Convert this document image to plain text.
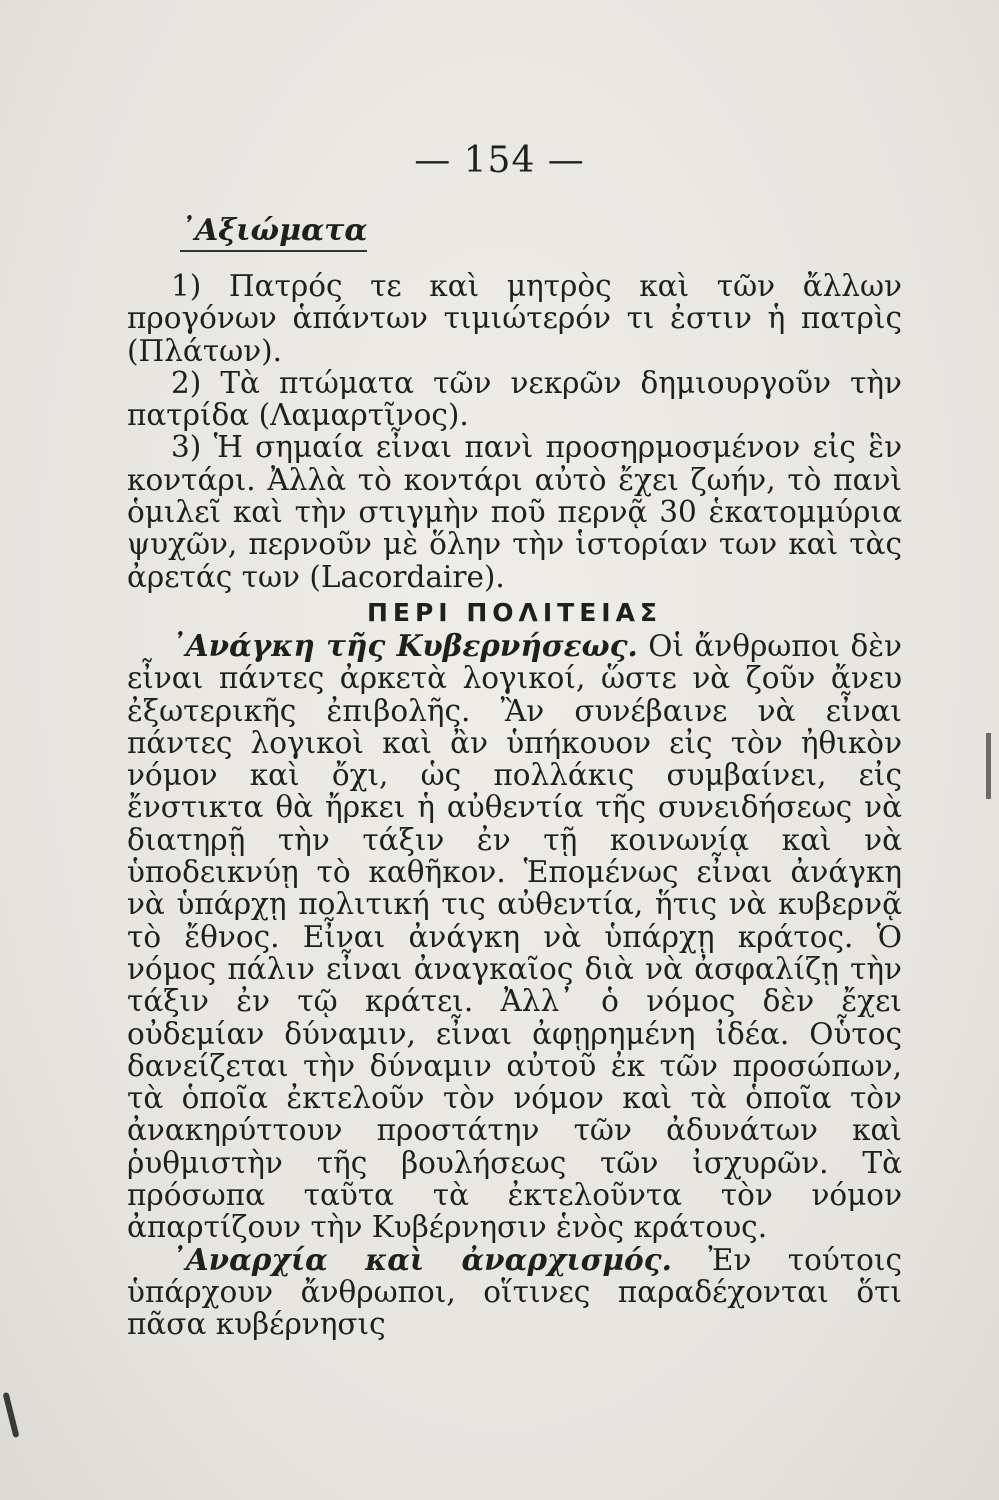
— 154 —
᾽Αξιώματα

1) Πατρός τε καὶ μητρὸς καὶ τῶν ἄλλων προγόνων ἁπάντων τιμιώτερόν τι ἐστιν ἡ πατρὶς (Πλάτων).

2) Τὰ πτώματα τῶν νεκρῶν δημιουργοῦν τὴν πατρίδα (Λαμαρτῖνος).

3) Ἡ σημαία εἶναι πανὶ προσηρμοσμένον εἰς ἓν κοντάρι. Ἀλλὰ τὸ κοντάρι αὐτὸ ἔχει ζωήν, τὸ πανὶ ὁμιλεῖ καὶ τὴν στιγμὴν ποῦ περνᾷ 30 ἑκατομμύρια ψυχῶν, περνοῦν μὲ ὅλην τὴν ἱστορίαν των καὶ τὰς ἀρετάς των (Lacordaire).

ΠΕΡΙ ΠΟΛΙΤΕΙΑΣ

᾽Ανάγκη τῆς Κυβερνήσεως. Οἱ ἄνθρωποι δὲν εἶναι πάντες ἀρκετὰ λογικοί, ὥστε νὰ ζοῦν ἄνευ ἐξωτερικῆς ἐπιβολῆς. Ἂν συνέβαινε νὰ εἶναι πάντες λογικοὶ καὶ ἂν ὑπήκουον εἰς τὸν ἠθικὸν νόμον καὶ ὄχι, ὡς πολλάκις συμβαίνει, εἰς ἔνστικτα θὰ ἤρκει ἡ αὐθεντία τῆς συνειδήσεως νὰ διατηρῇ τὴν τάξιν ἐν τῇ κοινωνίᾳ καὶ νὰ ὑποδεικνύῃ τὸ καθῆκον. Ἑπομένως εἶναι ἀνάγκη νὰ ὑπάρχῃ πολιτική τις αὐθεντία, ἥτις νὰ κυβερνᾷ τὸ ἔθνος. Εἶναι ἀνάγκη νὰ ὑπάρχῃ κράτος. Ὁ νόμος πάλιν εἶναι ἀναγκαῖος διὰ νὰ ἀσφαλίζῃ τὴν τάξιν ἐν τῷ κράτει. Ἀλλ᾽ ὁ νόμος δὲν ἔχει οὐδεμίαν δύναμιν, εἶναι ἀφῃρημένη ἰδέα. Οὗτος δανείζεται τὴν δύναμιν αὐτοῦ ἐκ τῶν προσώπων, τὰ ὁποῖα ἐκτελοῦν τὸν νόμον καὶ τὰ ὁποῖα τὸν ἀνακηρύττουν προστάτην τῶν ἀδυνάτων καὶ ῥυθμιστὴν τῆς βουλήσεως τῶν ἰσχυρῶν. Τὰ πρόσωπα ταῦτα τὰ ἐκτελοῦντα τὸν νόμον ἀπαρτίζουν τὴν Κυβέρνησιν ἑνὸς κράτους.

᾽Αναρχία καὶ ἀναρχισμός. Ἐν τούτοις ὑπάρχουν ἄνθρωποι, οἵτινες παραδέχονται ὅτι πᾶσα κυβέρνησις
